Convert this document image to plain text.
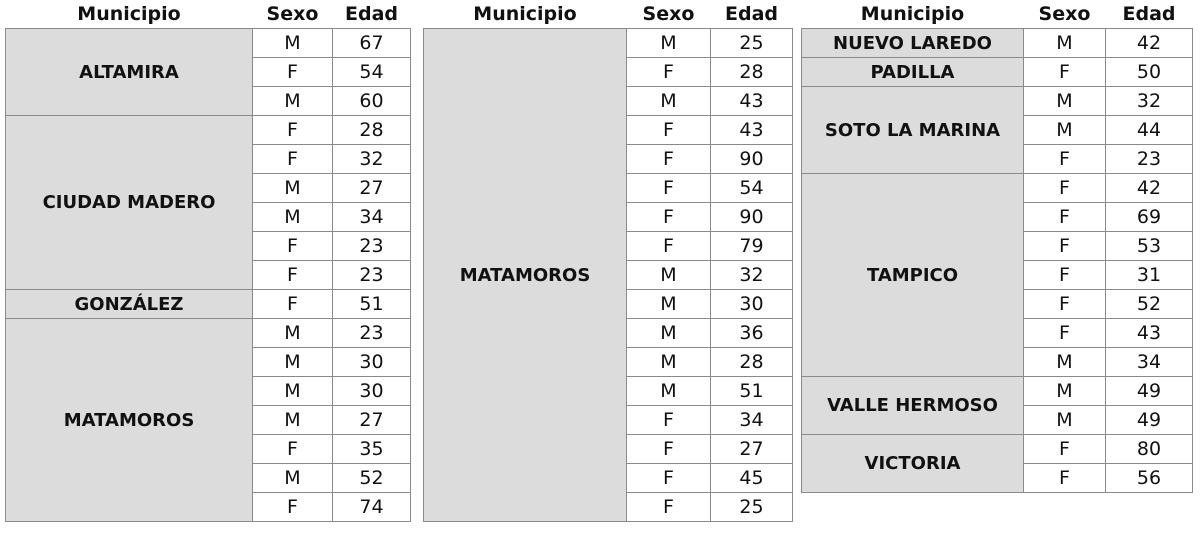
Municipio	Sexo	Edad
ALTAMIRA	M	67
	F	54
	M	60
CIUDAD MADERO	F	28
	F	32
	M	27
	M	34
	F	23
	F	23
GONZÁLEZ	F	51
MATAMOROS	M	23
	M	30
	M	30
	M	27
	F	35
	M	52
	F	74
Municipio	Sexo	Edad
MATAMOROS	M	25
	F	28
	M	43
	F	43
	F	90
	F	54
	F	90
	F	79
	M	32
	M	30
	M	36
	M	28
	M	51
	F	34
	F	27
	F	45
	F	25
Municipio	Sexo	Edad
NUEVO LAREDO	M	42
PADILLA	F	50
SOTO LA MARINA	M	32
	M	44
	F	23
TAMPICO	F	42
	F	69
	F	53
	F	31
	F	52
	F	43
	M	34
VALLE HERMOSO	M	49
	M	49
VICTORIA	F	80
	F	56
